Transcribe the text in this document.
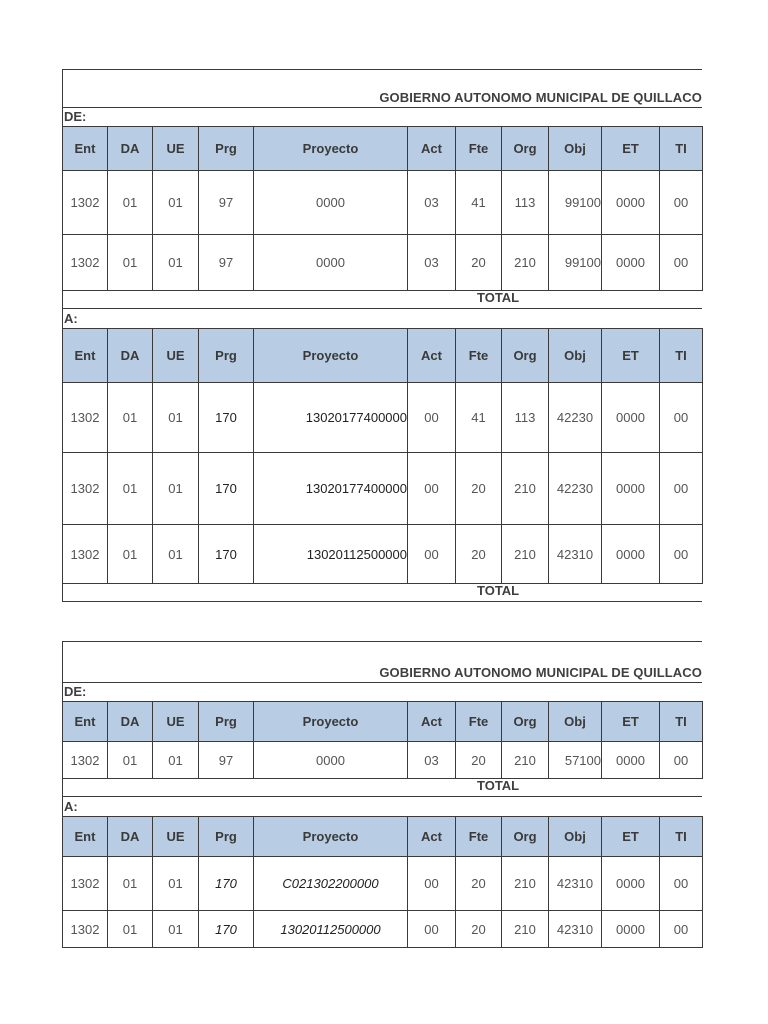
GOBIERNO AUTONOMO MUNICIPAL DE QUILLACO
DE:
Ent	DA	UE	Prg	Proyecto	Act	Fte	Org	Obj	ET	TI
1302	01	01	97	0000	03	41	113	99100	0000	00
1302	01	01	97	0000	03	20	210	99100	0000	00
TOTAL
A:
Ent	DA	UE	Prg	Proyecto	Act	Fte	Org	Obj	ET	TI
1302	01	01	170	13020177400000	00	41	113	42230	0000	00
1302	01	01	170	13020177400000	00	20	210	42230	0000	00
1302	01	01	170	13020112500000	00	20	210	42310	0000	00
TOTAL
GOBIERNO AUTONOMO MUNICIPAL DE QUILLACO
DE:
Ent	DA	UE	Prg	Proyecto	Act	Fte	Org	Obj	ET	TI
1302	01	01	97	0000	03	20	210	57100	0000	00
TOTAL
A:
Ent	DA	UE	Prg	Proyecto	Act	Fte	Org	Obj	ET	TI
1302	01	01	170	C021302200000	00	20	210	42310	0000	00
1302	01	01	170	13020112500000	00	20	210	42310	0000	00
